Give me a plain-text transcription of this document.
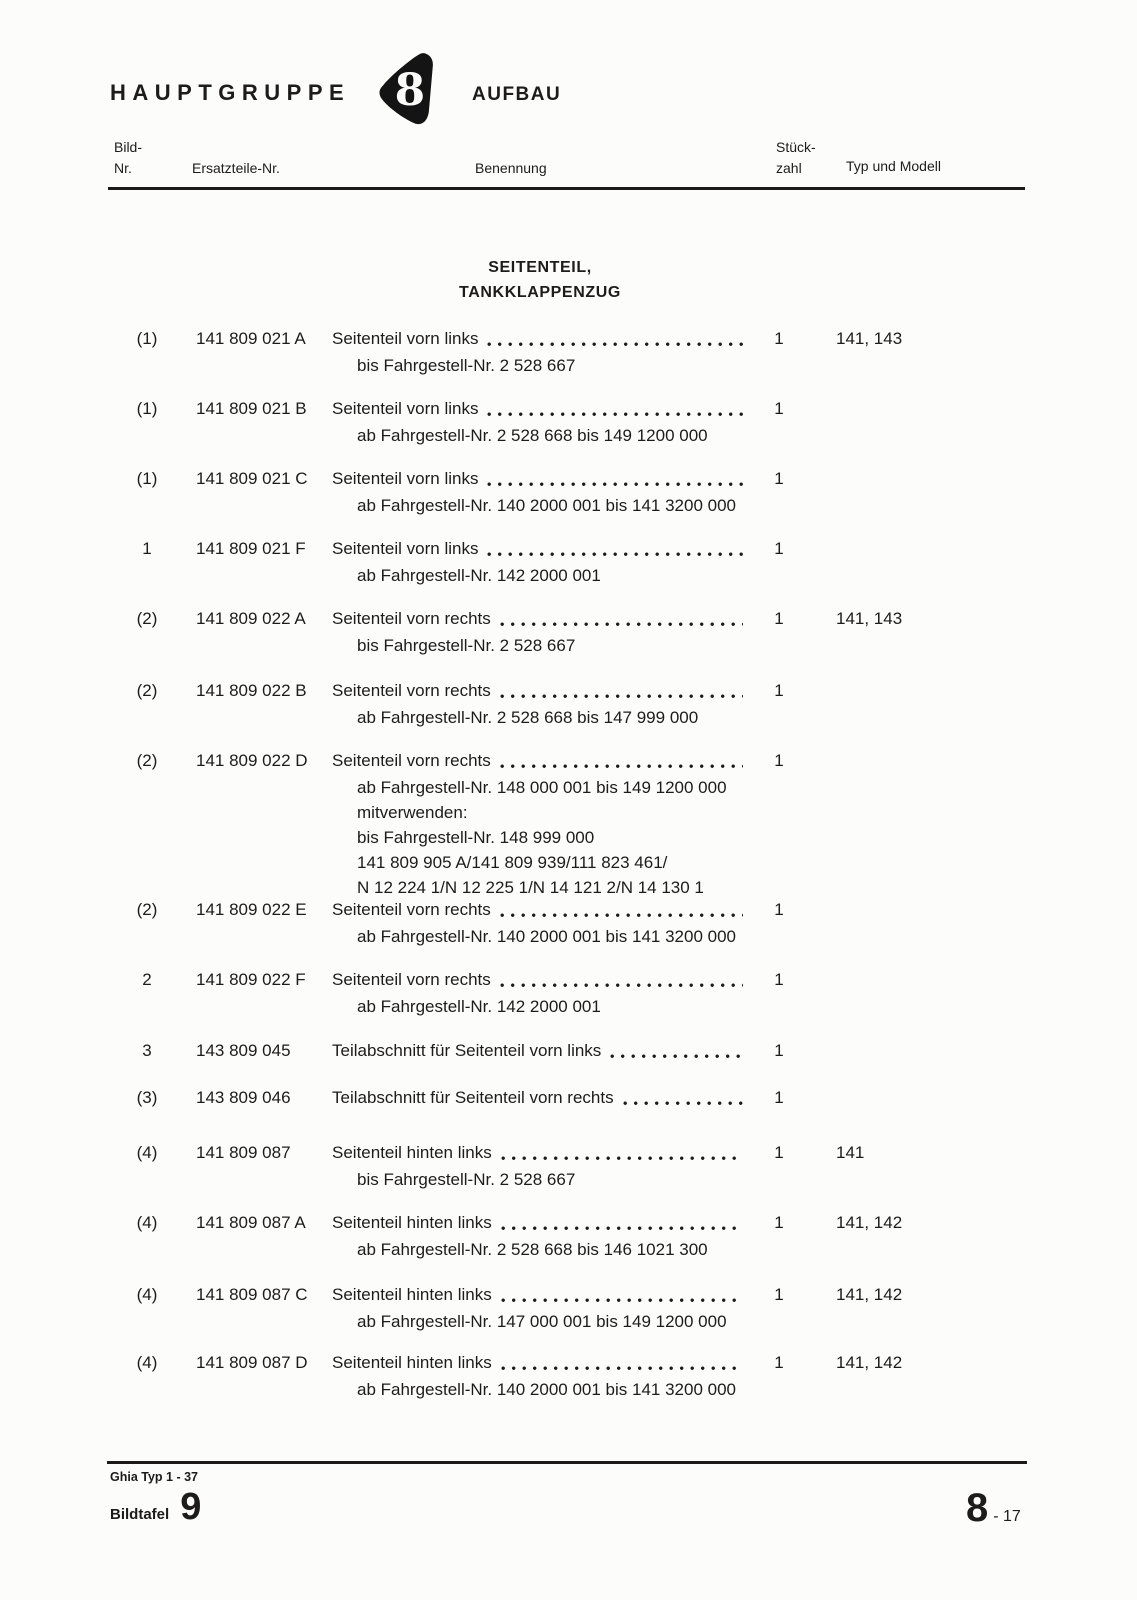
HAUPTGRUPPE 8 AUFBAU
Bild-
Nr.	Ersatzteile-Nr.	Benennung
Stück-
zahl	Typ und Modell
SEITENTEIL,
TANKKLAPPENZUG
(1)	141 809 021 A Seitenteil vorn links	1	141, 143
bis Fahrgestell-Nr. 2 528 667
(1)	141 809 021 B Seitenteil vorn links	1
ab Fahrgestell-Nr. 2 528 668 bis 149 1200 000
(1)	141 809 021 C Seitenteil vorn links	1
ab Fahrgestell-Nr. 140 2000 001 bis 141 3200 000
1	141 809 021 F Seitenteil vorn links	1
ab Fahrgestell-Nr. 142 2000 001
(2)	141 809 022 A Seitenteil vorn rechts	1	141, 143
bis Fahrgestell-Nr. 2 528 667
(2)	141 809 022 B Seitenteil vorn rechts	1
ab Fahrgestell-Nr. 2 528 668 bis 147 999 000
(2)	141 809 022 D Seitenteil vorn rechts	1
ab Fahrgestell-Nr. 148 000 001 bis 149 1200 000
mitverwenden:
bis Fahrgestell-Nr. 148 999 000
141 809 905 A/141 809 939/111 823 461/
N 12 224 1/N 12 225 1/N 14 121 2/N 14 130 1
(2)	141 809 022 E Seitenteil vorn rechts	1
ab Fahrgestell-Nr. 140 2000 001 bis 141 3200 000
2	141 809 022 F Seitenteil vorn rechts	1
ab Fahrgestell-Nr. 142 2000 001
3	143 809 045 Teilabschnitt für Seitenteil vorn links	1
(3)	143 809 046 Teilabschnitt für Seitenteil vorn rechts	1
(4)	141 809 087 Seitenteil hinten links	1	141
bis Fahrgestell-Nr. 2 528 667
(4)	141 809 087 A Seitenteil hinten links	1	141, 142
ab Fahrgestell-Nr. 2 528 668 bis 146 1021 300
(4)	141 809 087 C Seitenteil hinten links	1	141, 142
ab Fahrgestell-Nr. 147 000 001 bis 149 1200 000
(4)	141 809 087 D Seitenteil hinten links	1	141, 142
ab Fahrgestell-Nr. 140 2000 001 bis 141 3200 000
Ghia Typ 1 - 37
Bildtafel 9	8 - 17
